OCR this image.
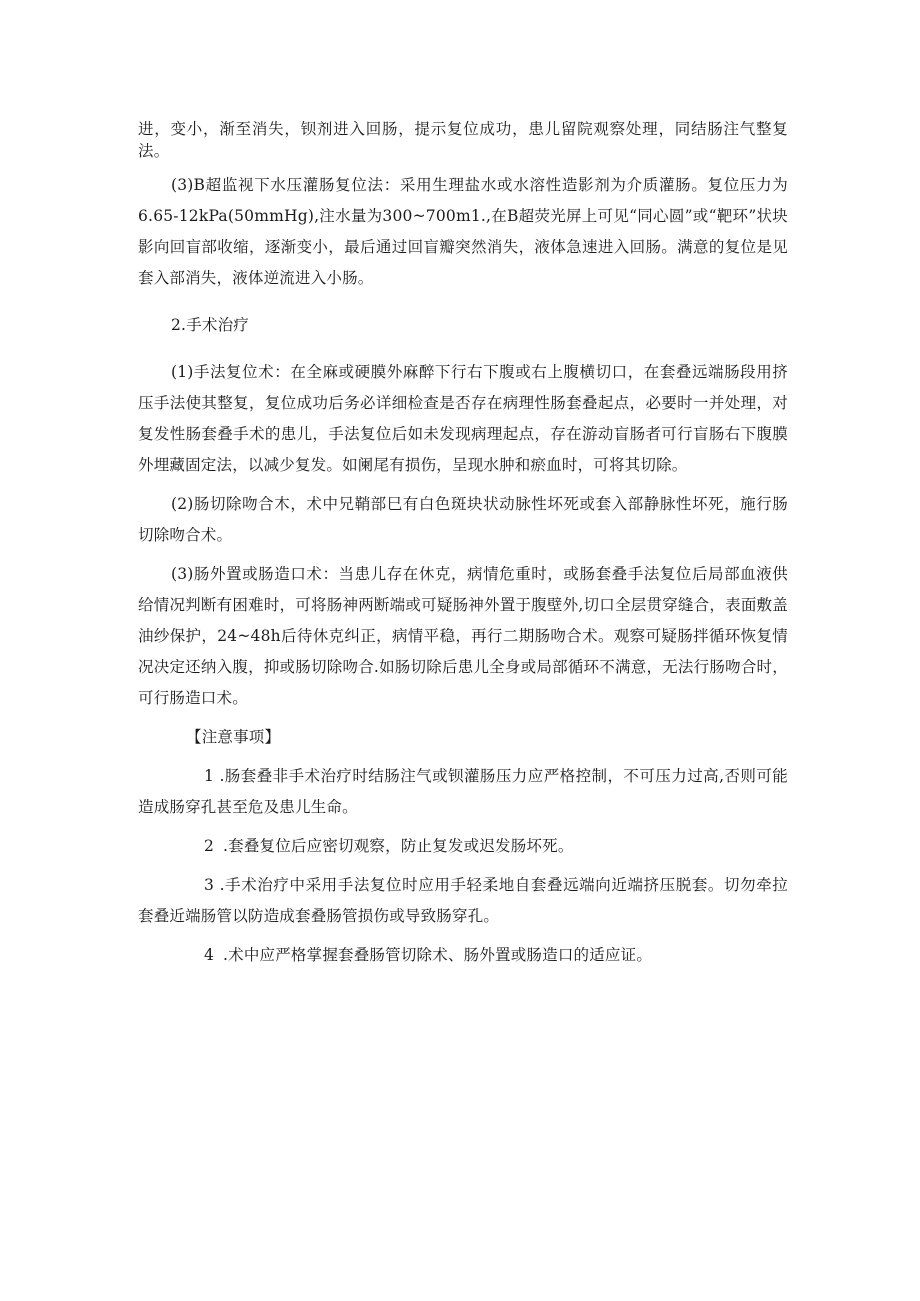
进，变小，渐至消失，钡剂进入回肠，提示复位成功，患儿留院观察处理，同结肠注气整复法。

(3)B超监视下水压灌肠复位法：采用生理盐水或水溶性造影剂为介质灌肠。复位压力为6.65-12kPa(50mmHg),注水量为300~700m1.,在B超荧光屏上可见“同心圆”或“靶环”状块影向回盲部收缩，逐渐变小，最后通过回盲瓣突然消失，液体急速进入回肠。满意的复位是见套入部消失，液体逆流进入小肠。

2.手术治疗

(1)手法复位术：在全麻或硬膜外麻醉下行右下腹或右上腹横切口，在套叠远端肠段用挤压手法使其整复，复位成功后务必详细检查是否存在病理性肠套叠起点，必要时一并处理，对复发性肠套叠手术的患儿，手法复位后如未发现病理起点，存在游动盲肠者可行盲肠右下腹膜外埋藏固定法，以减少复发。如阑尾有损伤，呈现水肿和瘀血时，可将其切除。

(2)肠切除吻合木，术中兄鞘部巳有白色斑块状动脉性坏死或套入部静脉性坏死，施行肠切除吻合术。

(3)肠外置或肠造口术：当患儿存在休克，病情危重时，或肠套叠手法复位后局部血液供给情况判断有困难时，可将肠神两断端或可疑肠神外置于腹壁外,切口全层贯穿缝合，表面敷盖油纱保护，24~48h后待休克纠正，病情平稳，再行二期肠吻合术。观察可疑肠拌循环恢复情况决定还纳入腹，抑或肠切除吻合.如肠切除后患儿全身或局部循环不满意，无法行肠吻合时，可行肠造口术。

【注意事项】

1 .肠套叠非手术治疗时结肠注气或钡灌肠压力应严格控制，不可压力过高,否则可能造成肠穿孔甚至危及患儿生命。

2 .套叠复位后应密切观察，防止复发或迟发肠坏死。

3 .手术治疗中采用手法复位时应用手轻柔地自套叠远端向近端挤压脱套。切勿牵拉套叠近端肠管以防造成套叠肠管损伤或导致肠穿孔。

4 .术中应严格掌握套叠肠管切除术、肠外置或肠造口的适应证。
